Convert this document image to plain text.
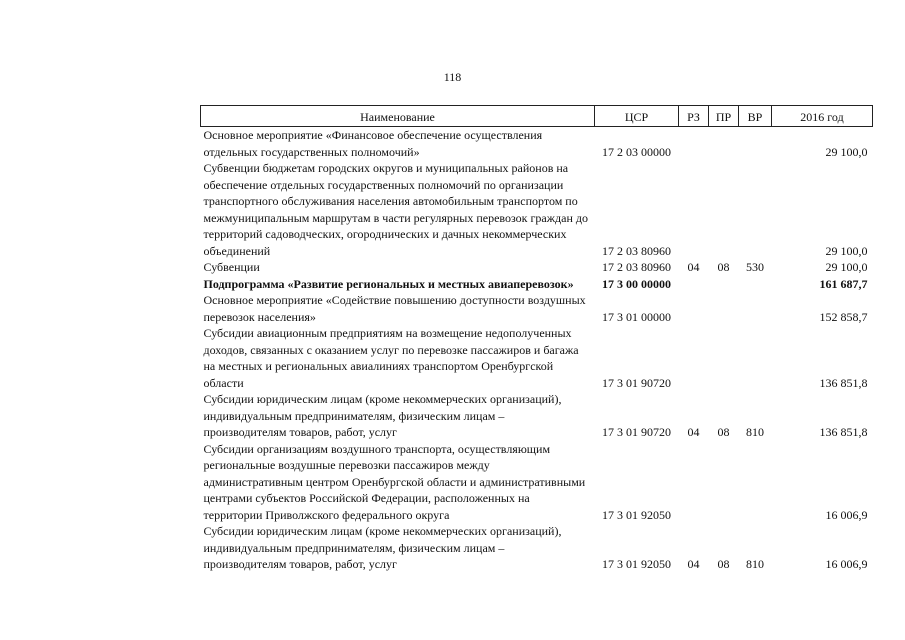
118
Наименование	ЦСР	РЗ	ПР	ВР	2016 год
Основное мероприятие «Финансовое обеспечение осуществления отдельных государственных полномочий»	17 2 03 00000				29 100,0
Субвенции бюджетам городских округов и муниципальных районов на обеспечение отдельных государственных полномочий по организации транспортного обслуживания населения автомобильным транспортом по межмуниципальным маршрутам в части регулярных перевозок граждан до территорий садоводческих, огороднических и дачных некоммерческих объединений	17 2 03 80960				29 100,0
Субвенции	17 2 03 80960	04	08	530	29 100,0
Подпрограмма «Развитие региональных и местных авиаперевозок»	17 3 00 00000				161 687,7
Основное мероприятие «Содействие повышению доступности воздушных перевозок населения»	17 3 01 00000				152 858,7
Субсидии авиационным предприятиям на возмещение недополученных доходов, связанных с оказанием услуг по перевозке пассажиров и багажа на местных и региональных авиалиниях транспортом Оренбургской области	17 3 01 90720				136 851,8
Субсидии юридическим лицам (кроме некоммерческих организаций), индивидуальным предпринимателям, физическим лицам – производителям товаров, работ, услуг	17 3 01 90720	04	08	810	136 851,8
Субсидии организациям воздушного транспорта, осуществляющим региональные воздушные перевозки пассажиров между административным центром Оренбургской области и административными центрами субъектов Российской Федерации, расположенных на территории Приволжского федерального округа	17 3 01 92050				16 006,9
Субсидии юридическим лицам (кроме некоммерческих организаций), индивидуальным предпринимателям, физическим лицам – производителям товаров, работ, услуг	17 3 01 92050	04	08	810	16 006,9
